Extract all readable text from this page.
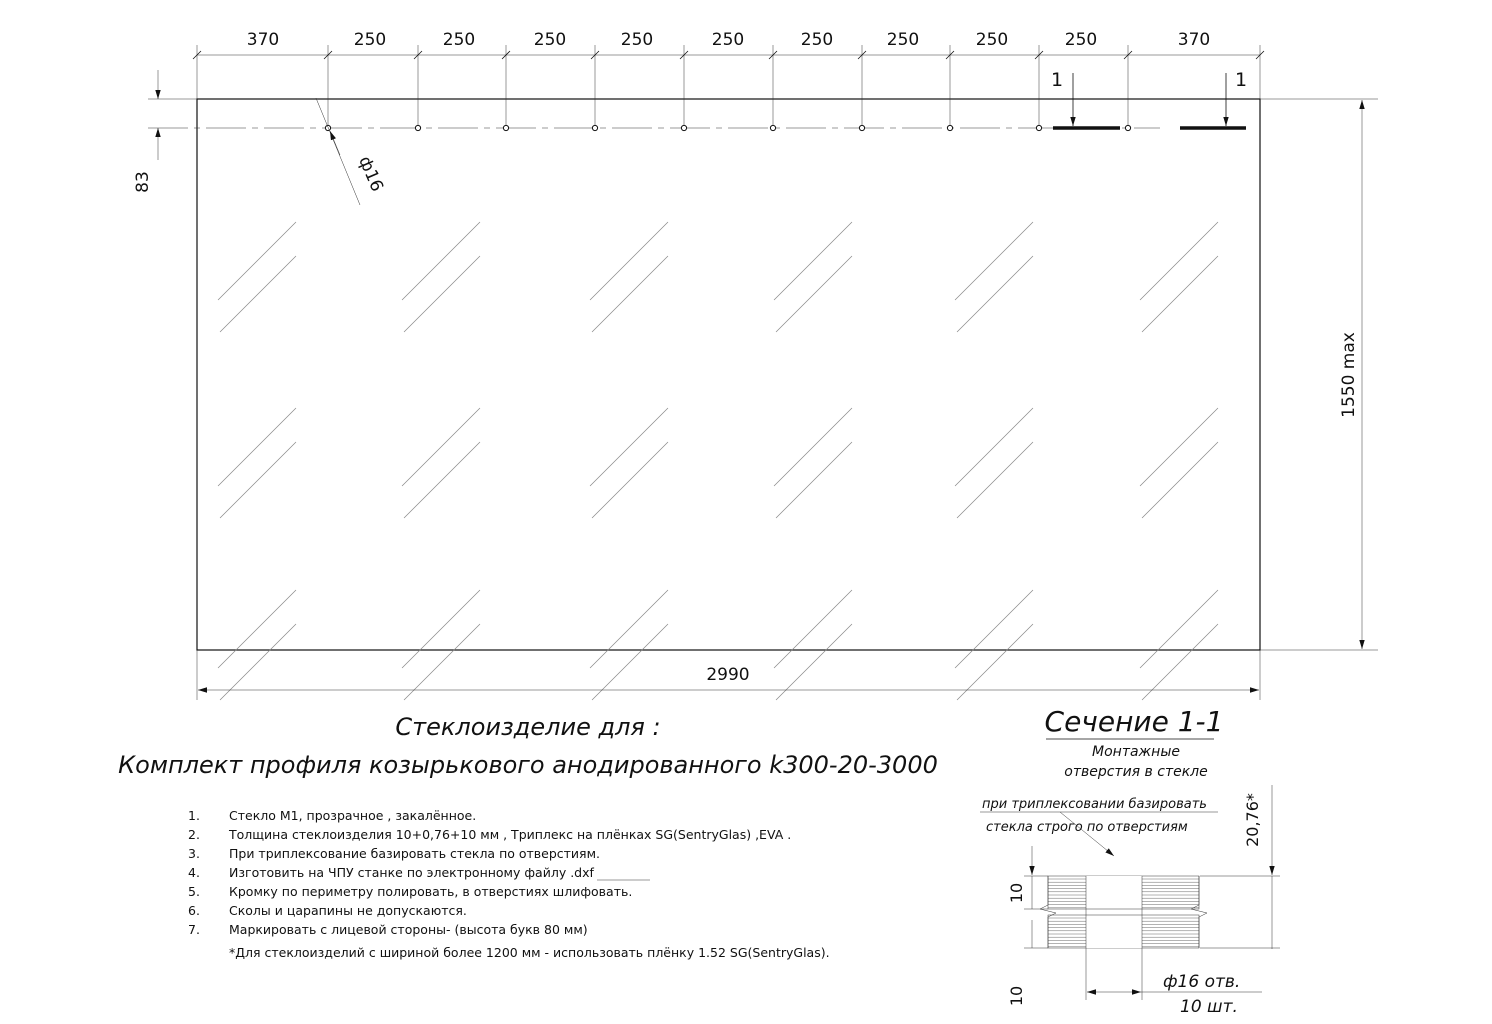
370	250	250	250	250	250	250	250	250	250	370
83	ф16
1	1
1550 max
2990
Стеклоизделие для :
Комплект профиля козырькового анодированного k300-20-3000
1.
2.
3.
4.
5.
6.
7.
Стекло М1, прозрачное , закалённое.
Толщина стеклоизделия 10+0,76+10 мм , Триплекс на плёнках SG(SentryGlas) ,EVA .
При триплексование базировать стекла по отверстиям.
Изготовить на ЧПУ станке по электронному файлу .dxf
Кромку по периметру полировать, в отверстиях шлифовать.
Сколы и царапины не допускаются.
Маркировать с лицевой стороны- (высота букв 80 мм)
*Для стеклоизделий с шириной более 1200 мм - использовать плёнку 1.52 SG(SentryGlas).
Сечение 1-1
Монтажные
отверстия в стекле
при триплексовании базировать
стекла строго по отверстиям	20,76*
10
10
ф16 отв.
10 шт.
